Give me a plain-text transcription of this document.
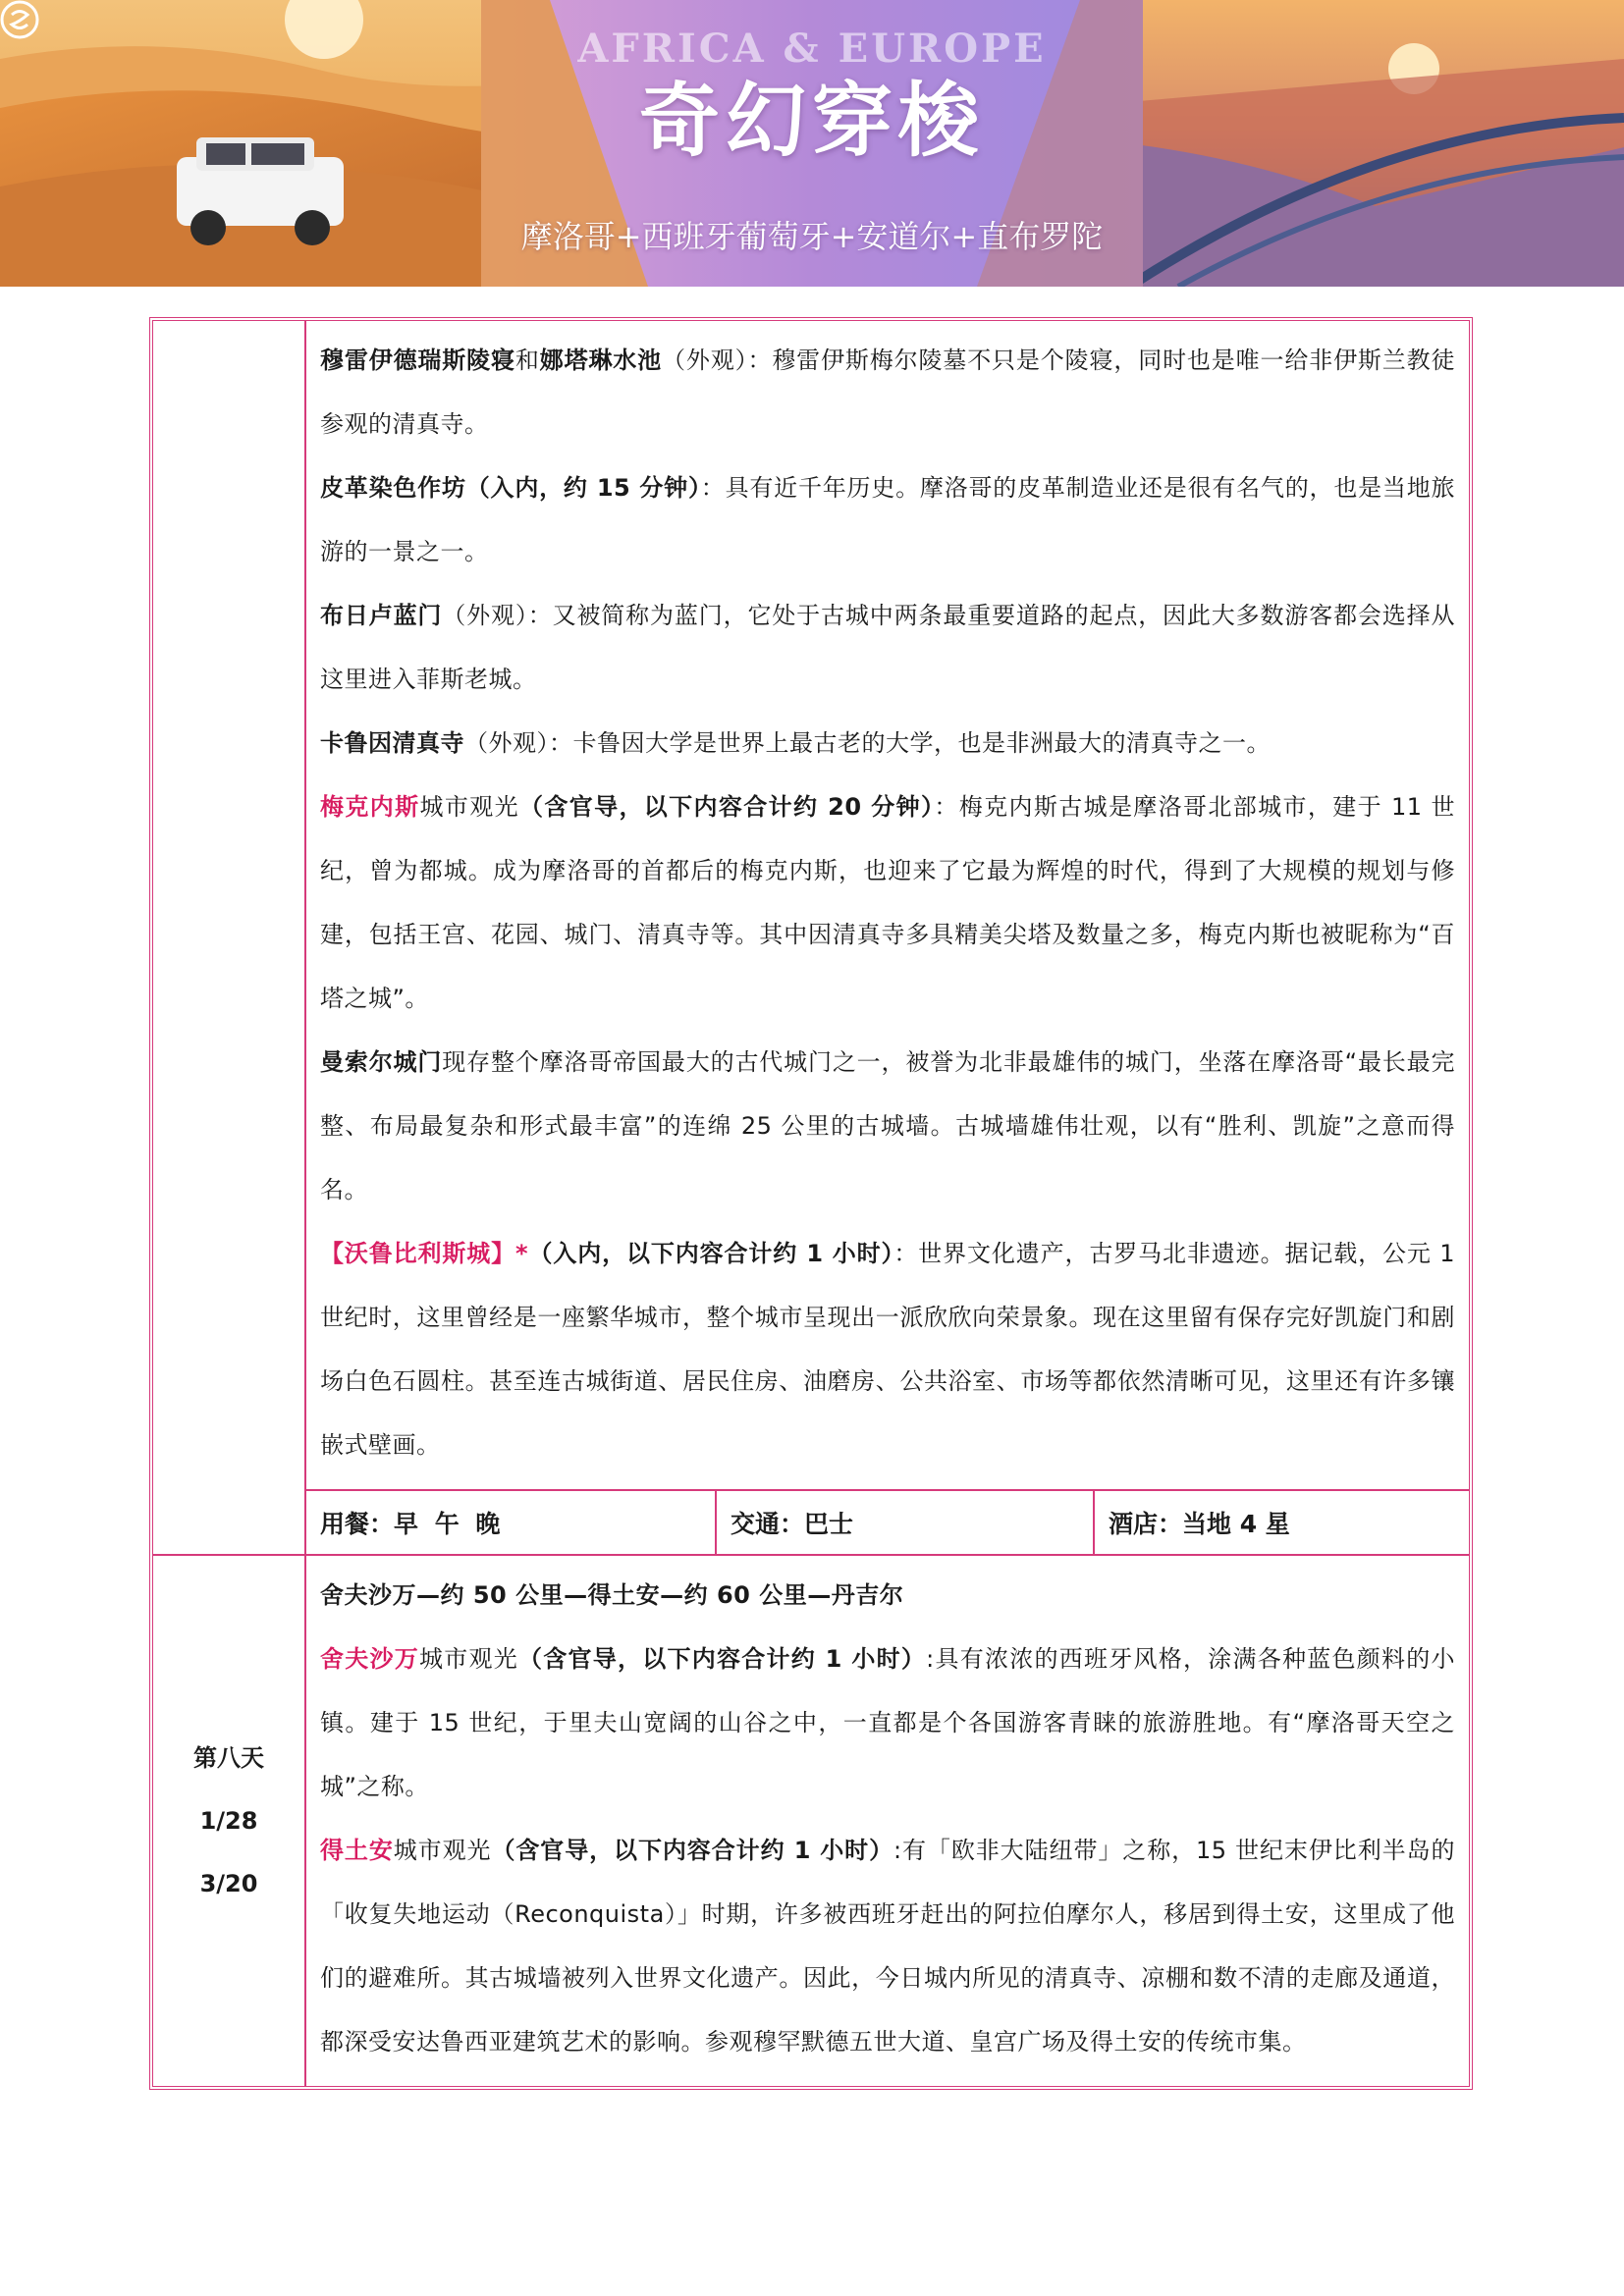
AFRICA & EUROPE
奇幻穿梭
摩洛哥+西班牙葡萄牙+安道尔+直布罗陀

穆雷伊德瑞斯陵寝和娜塔琳水池（外观）：穆雷伊斯梅尔陵墓不只是个陵寝，同时也是唯一给非伊斯兰教徒参观的清真寺。

皮革染色作坊（入内，约 15 分钟）：具有近千年历史。摩洛哥的皮革制造业还是很有名气的，也是当地旅游的一景之一。

布日卢蓝门（外观）：又被简称为蓝门，它处于古城中两条最重要道路的起点，因此大多数游客都会选择从这里进入菲斯老城。

卡鲁因清真寺（外观）：卡鲁因大学是世界上最古老的大学，也是非洲最大的清真寺之一。

梅克内斯城市观光（含官导，以下内容合计约 20 分钟）：梅克内斯古城是摩洛哥北部城市，建于 11 世纪，曾为都城。成为摩洛哥的首都后的梅克内斯，也迎来了它最为辉煌的时代，得到了大规模的规划与修建，包括王宫、花园、城门、清真寺等。其中因清真寺多具精美尖塔及数量之多，梅克内斯也被昵称为“百塔之城”。

曼索尔城门现存整个摩洛哥帝国最大的古代城门之一，被誉为北非最雄伟的城门，坐落在摩洛哥“最长最完整、布局最复杂和形式最丰富”的连绵 25 公里的古城墙。古城墙雄伟壮观，以有“胜利、凯旋”之意而得名。

【沃鲁比利斯城】*（入内，以下内容合计约 1 小时）：世界文化遗产，古罗马北非遗迹。据记载，公元 1 世纪时，这里曾经是一座繁华城市，整个城市呈现出一派欣欣向荣景象。现在这里留有保存完好凯旋门和剧场白色石圆柱。甚至连古城街道、居民住房、油磨房、公共浴室、市场等都依然清晰可见，这里还有许多镶嵌式壁画。

用餐：早 午 晚	交通：巴士	酒店：当地 4 星
第八天
1/28
3/20

舍夫沙万—约 50 公里—得土安—约 60 公里—丹吉尔

舍夫沙万城市观光（含官导，以下内容合计约 1 小时）:具有浓浓的西班牙风格，涂满各种蓝色颜料的小镇。建于 15 世纪，于里夫山宽阔的山谷之中，一直都是个各国游客青睐的旅游胜地。有“摩洛哥天空之城”之称。

得土安城市观光（含官导，以下内容合计约 1 小时）:有「欧非大陆纽带」之称，15 世纪末伊比利半岛的「收复失地运动（Reconquista）」时期，许多被西班牙赶出的阿拉伯摩尔人，移居到得土安，这里成了他们的避难所。其古城墙被列入世界文化遗产。因此，今日城内所见的清真寺、凉棚和数不清的走廊及通道，都深受安达鲁西亚建筑艺术的影响。参观穆罕默德五世大道、皇宫广场及得土安的传统市集。
